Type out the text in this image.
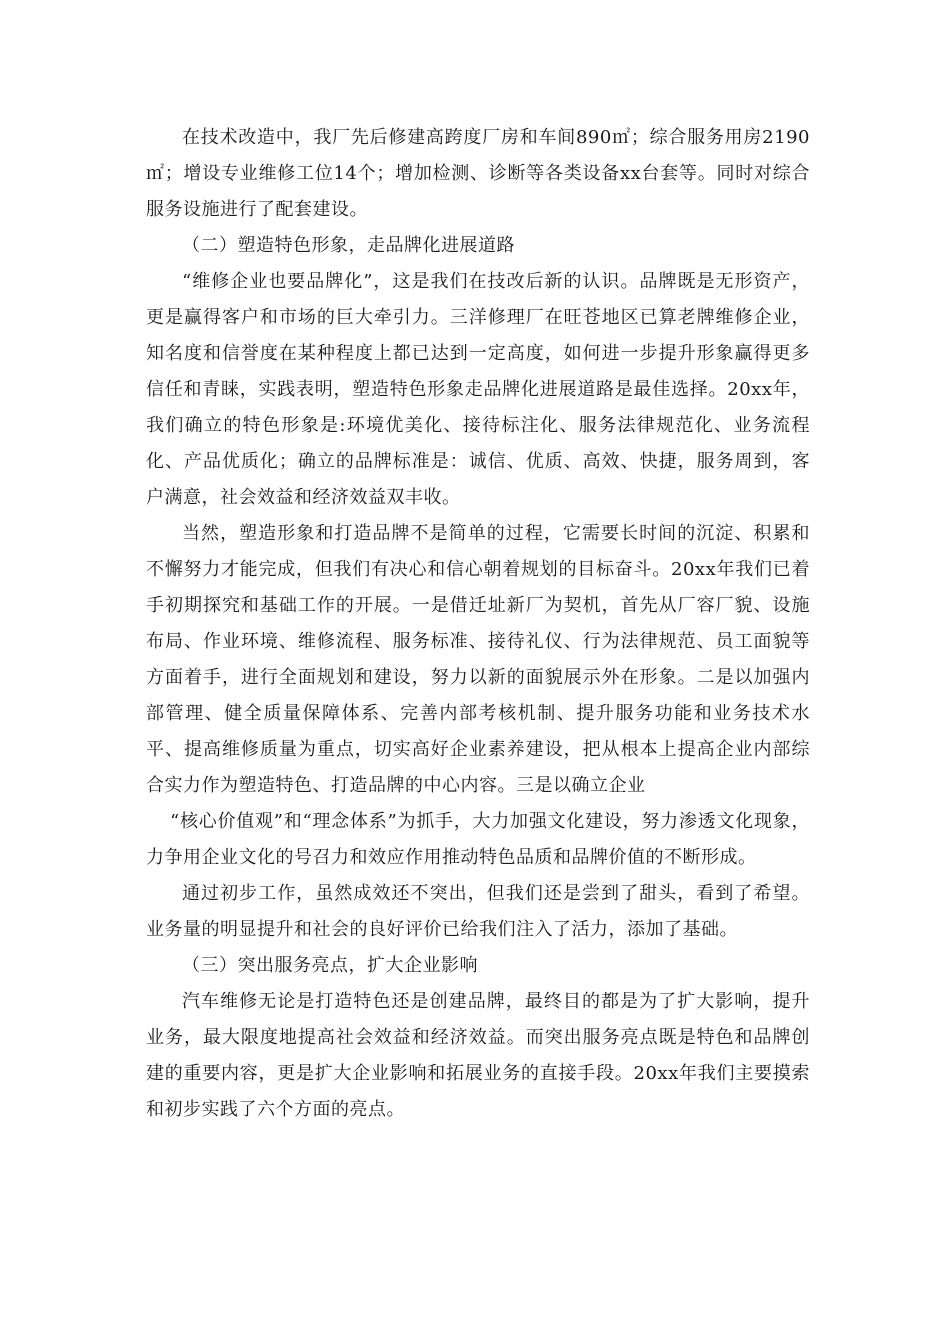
在技术改造中，我厂先后修建高跨度厂房和车间890㎡；综合服务用房2190㎡；增设专业维修工位14个；增加检测、诊断等各类设备xx台套等。同时对综合服务设施进行了配套建设。

（二）塑造特色形象，走品牌化进展道路

“维修企业也要品牌化”，这是我们在技改后新的认识。品牌既是无形资产，更是赢得客户和市场的巨大牵引力。三洋修理厂在旺苍地区已算老牌维修企业，知名度和信誉度在某种程度上都已达到一定高度，如何进一步提升形象赢得更多信任和青睐，实践表明，塑造特色形象走品牌化进展道路是最佳选择。20xx年，我们确立的特色形象是:环境优美化、接待标注化、服务法律规范化、业务流程化、产品优质化；确立的品牌标准是：诚信、优质、高效、快捷，服务周到，客户满意，社会效益和经济效益双丰收。

当然，塑造形象和打造品牌不是简单的过程，它需要长时间的沉淀、积累和不懈努力才能完成，但我们有决心和信心朝着规划的目标奋斗。20xx年我们已着手初期探究和基础工作的开展。一是借迁址新厂为契机，首先从厂容厂貌、设施布局、作业环境、维修流程、服务标准、接待礼仪、行为法律规范、员工面貌等方面着手，进行全面规划和建设，努力以新的面貌展示外在形象。二是以加强内部管理、健全质量保障体系、完善内部考核机制、提升服务功能和业务技术水平、提高维修质量为重点，切实高好企业素养建设，把从根本上提高企业内部综合实力作为塑造特色、打造品牌的中心内容。三是以确立企业

“核心价值观”和“理念体系”为抓手，大力加强文化建设，努力渗透文化现象，力争用企业文化的号召力和效应作用推动特色品质和品牌价值的不断形成。

通过初步工作，虽然成效还不突出，但我们还是尝到了甜头，看到了希望。业务量的明显提升和社会的良好评价已给我们注入了活力，添加了基础。

（三）突出服务亮点，扩大企业影响

汽车维修无论是打造特色还是创建品牌，最终目的都是为了扩大影响，提升业务，最大限度地提高社会效益和经济效益。而突出服务亮点既是特色和品牌创建的重要内容，更是扩大企业影响和拓展业务的直接手段。20xx年我们主要摸索和初步实践了六个方面的亮点。
